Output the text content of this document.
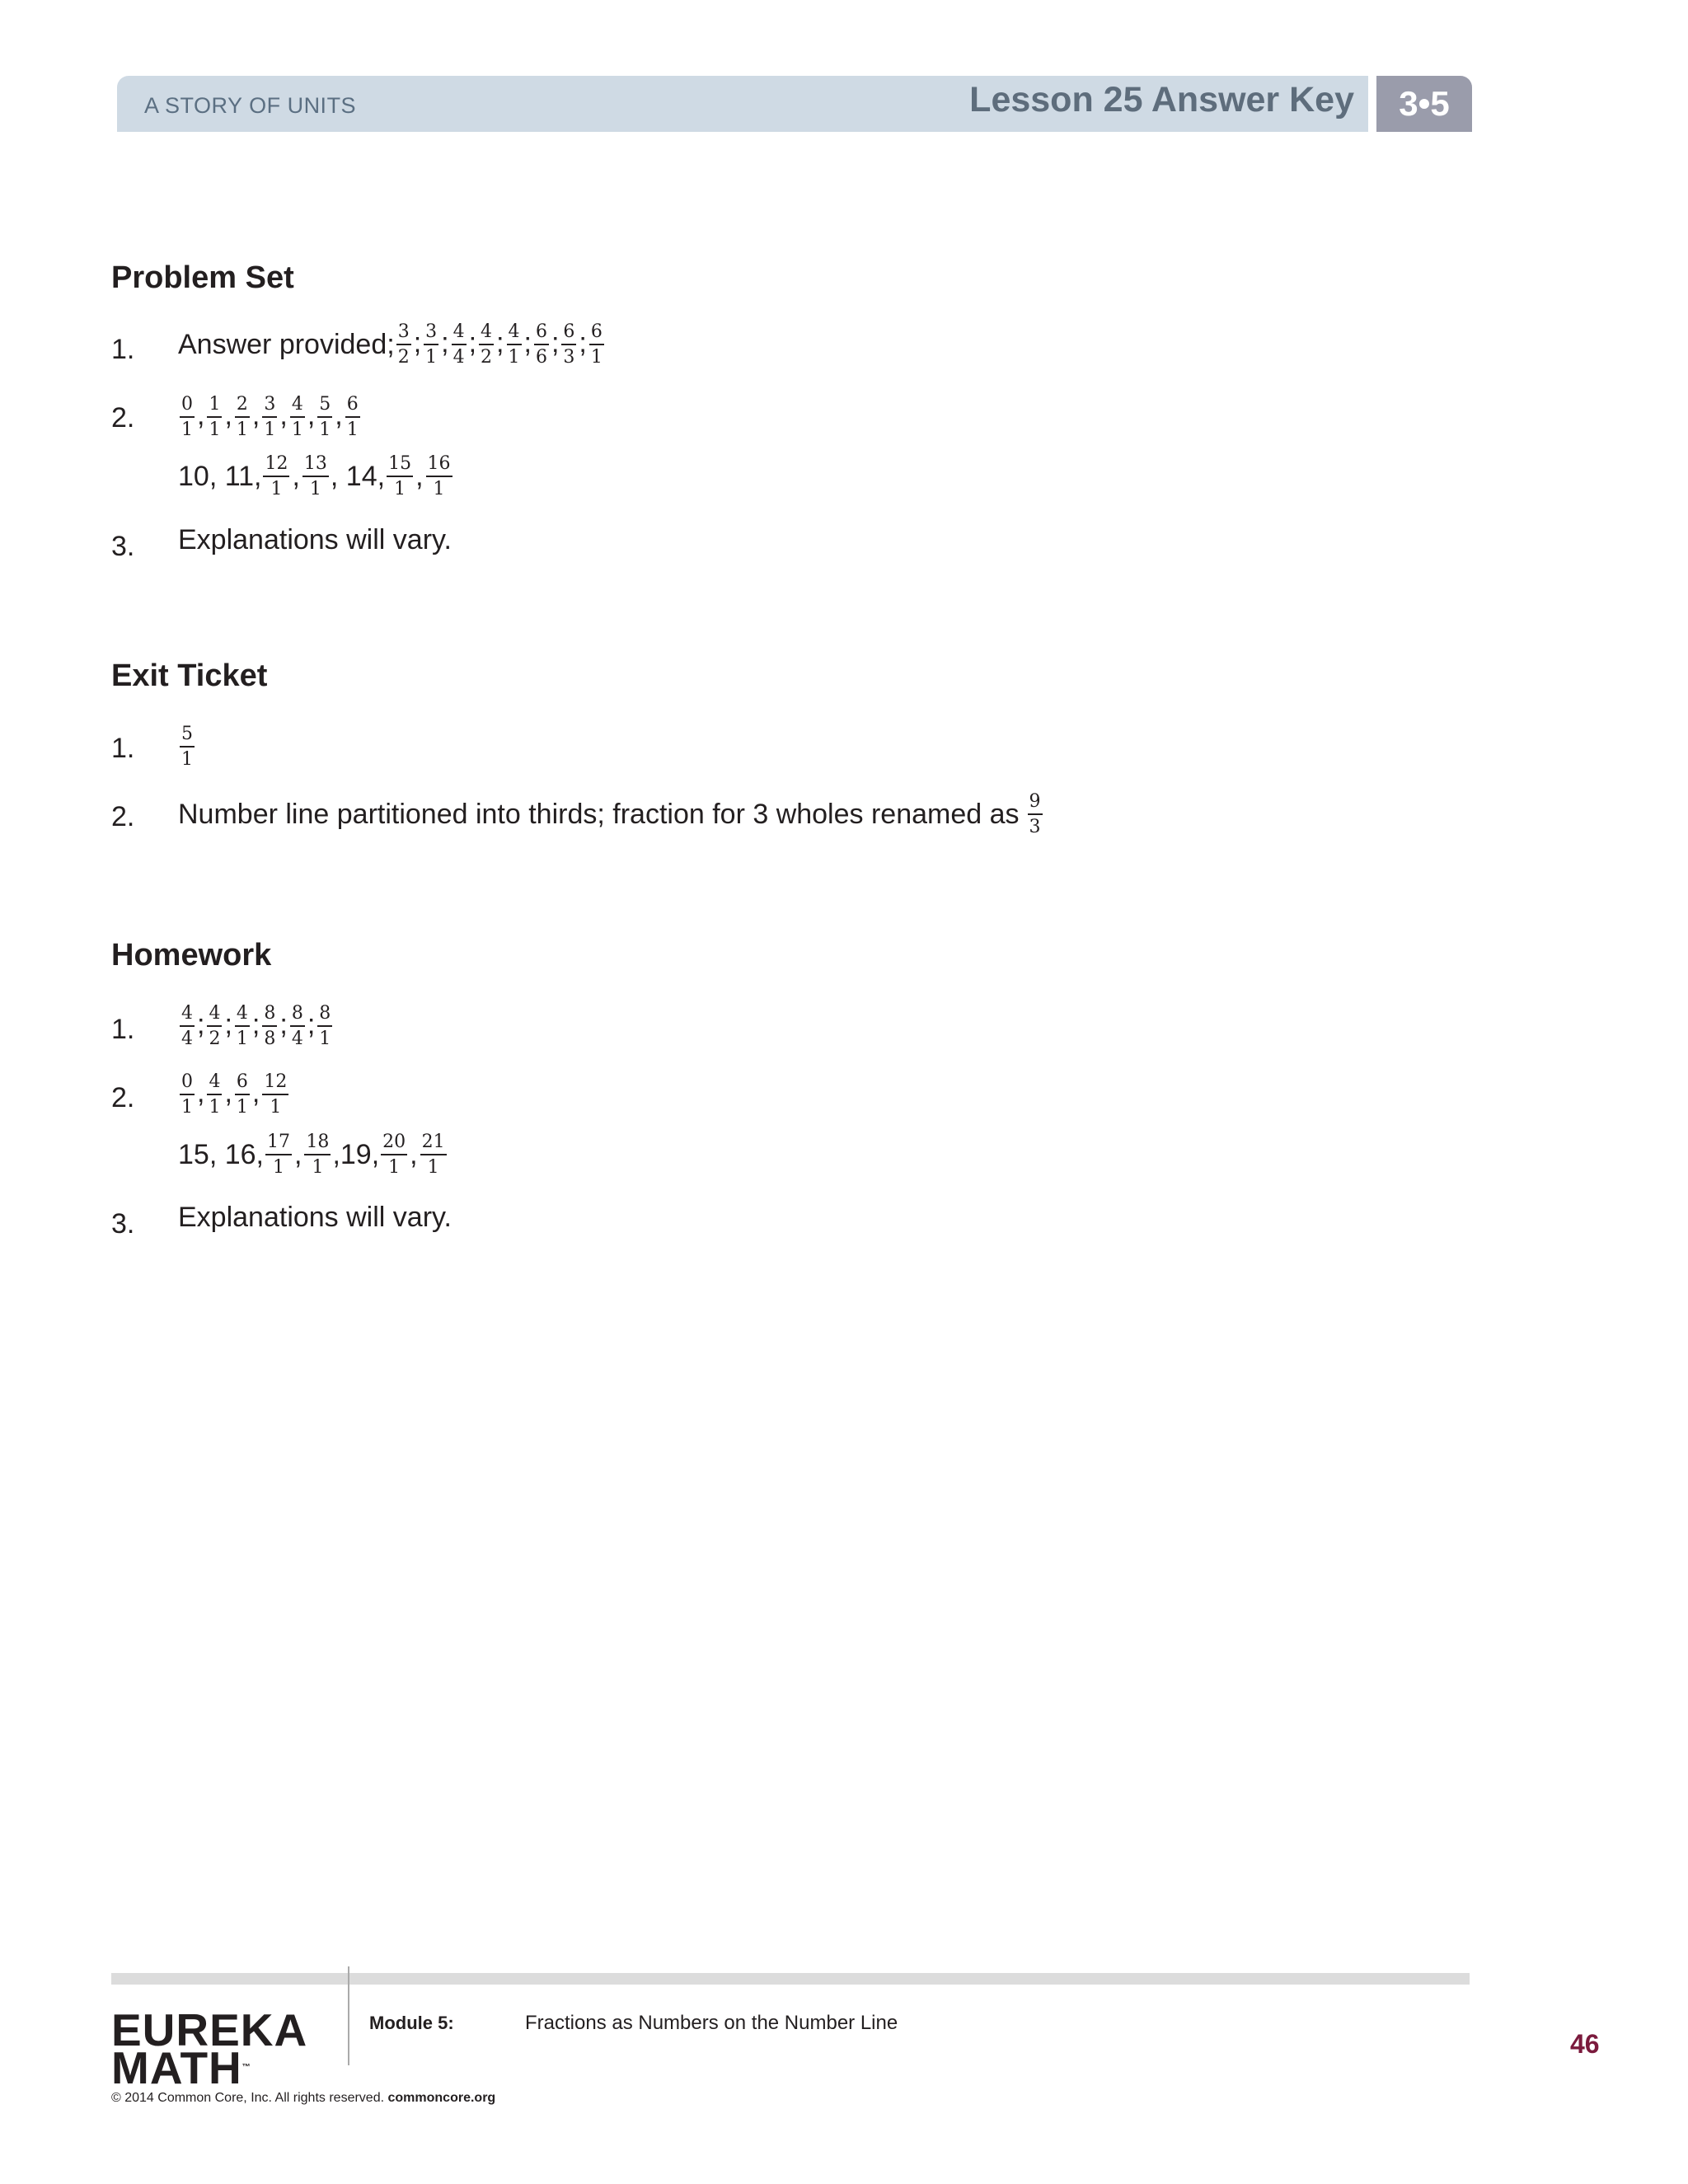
A STORY OF UNITS	Lesson 25 Answer Key	3•5
Problem Set
1. Answer provided; $\frac{3}{2}$ ; $\frac{3}{1}$ ; $\frac{4}{4}$ ; $\frac{4}{2}$ ; $\frac{4}{1}$ ; $\frac{6}{6}$ ; $\frac{6}{3}$ ; $\frac{6}{1}$
2. $\frac{0}{1}$ , $\frac{1}{1}$ , $\frac{2}{1}$ , $\frac{3}{1}$ , $\frac{4}{1}$ , $\frac{5}{1}$ , $\frac{6}{1}$
10, 11, $\frac{12}{1}$ , $\frac{13}{1}$ , 14, $\frac{15}{1}$ , $\frac{16}{1}$
3. Explanations will vary.
Exit Ticket
1. $\frac{5}{1}$
2. Number line partitioned into thirds; fraction for 3 wholes renamed as $\frac{9}{3}$
Homework
1. $\frac{4}{4}$ ; $\frac{4}{2}$ ; $\frac{4}{1}$ ; $\frac{8}{8}$ ; $\frac{8}{4}$ ; $\frac{8}{1}$
2. $\frac{0}{1}$ , $\frac{4}{1}$ , $\frac{6}{1}$ , $\frac{12}{1}$
15, 16, $\frac{17}{1}$ , $\frac{18}{1} ,19$, $\frac{20}{1}$ , $\frac{21}{1}$
3. Explanations will vary.
EUREKA
MATH™
Module 5:	Fractions as Numbers on the Number Line
© 2014 Common Core, Inc. All rights reserved. commoncore.org
46
